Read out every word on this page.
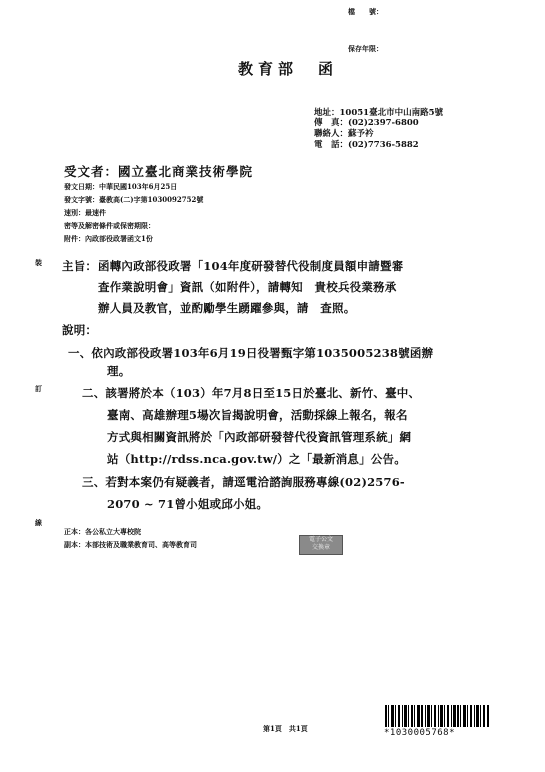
檔　　號：
保存年限：
教育部　函
地址：10051臺北市中山南路5號
傳　真：(02)2397-6800
聯絡人：蘇予衿
電　話：(02)7736-5882
受文者：國立臺北商業技術學院
發文日期：中華民國103年6月25日
發文字號：臺教高(二)字第1030092752號
速別：最速件
密等及解密條件或保密期限：
附件：內政部役政署函文1份
裝
訂
線
主旨： 函轉內政部役政署「104年度研發替代役制度員額申請暨審
查作業說明會」資訊（如附件），請轉知　貴校兵役業務承
辦人員及教官，並酌勵學生踴躍參與，請　查照。
說明：
一、依內政部役政署103年6月19日役署甄字第1035005238號函辦
理。
二、該署將於本（103）年7月8日至15日於臺北、新竹、臺中、
臺南、高雄辦理5場次旨揭說明會，活動採線上報名，報名
方式與相關資訊將於「內政部研發替代役資訊管理系統」網
站（http://rdss.nca.gov.tw/）之「最新消息」公告。
三、若對本案仍有疑義者，請逕電洽諮詢服務專線(02)2576-
2070 ~ 71曾小姐或邱小姐。
正本：各公私立大專校院
副本：本部技術及職業教育司、高等教育司
電子公文
交換章
第1頁　共1頁	*1030005768*
